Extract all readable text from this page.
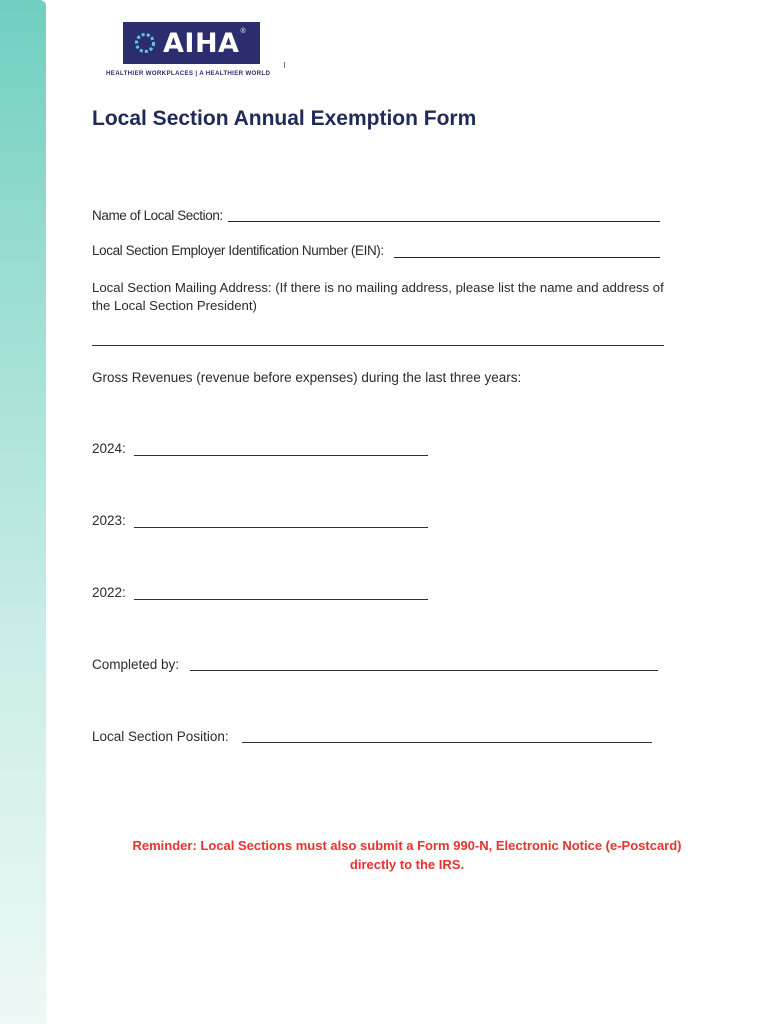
AIHA ®
HEALTHIER WORKPLACES | A HEALTHIER WORLD
Local Section Annual Exemption Form
Name of Local Section:
Local Section Employer Identification Number (EIN):
Local Section Mailing Address: (If there is no mailing address, please list the name and address of
the Local Section President)
Gross Revenues (revenue before expenses) during the last three years:
2024:
2023:
2022:
Completed by:
Local Section Position:
Reminder: Local Sections must also submit a Form 990-N, Electronic Notice (e-Postcard)
directly to the IRS.
